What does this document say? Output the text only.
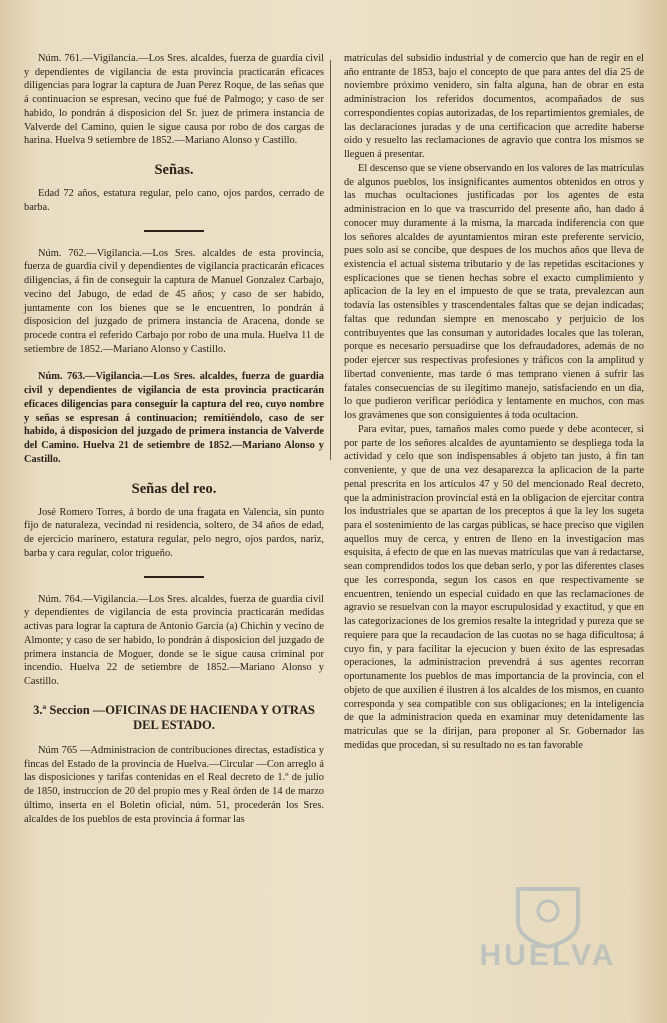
Núm. 761.—Vigilancia.—Los Sres. alcaldes, fuerza de guardia civil y dependientes de vigilancia de esta provincia practicarán eficaces diligencias para lograr la captura de Juan Perez Roque, de las señas que á continuacion se espresan, vecino que fué de Palmogo; y caso de ser habido, lo pondrán á disposicion del Sr. juez de primera instancia de Valverde del Camino, quien le sigue causa por robo de dos cargas de harina. Huelva 9 setiembre de 1852.—Mariano Alonso y Castillo.

Señas.

Edad 72 años, estatura regular, pelo cano, ojos pardos, cerrado de barba.

Núm. 762.—Vigilancia.—Los Sres. alcaldes de esta provincia, fuerza de guardia civil y dependientes de vigilancia practicarán eficaces diligencias, á fin de conseguir la captura de Manuel Gonzalez Carbajo, vecino del Jabugo, de edad de 45 años; y caso de ser habido, juntamente con los bienes que se le encuentren, lo pondrán á disposicion del juzgado de primera instancia de Aracena, donde se procede contra el referido Carbajo por robo de una mula. Huelva 11 de setiembre de 1852.—Mariano Alonso y Castillo.

Núm. 763.—Vigilancia.—Los Sres. alcaldes, fuerza de guardia civil y dependientes de vigilancia de esta provincia practicarán eficaces diligencias para conseguir la captura del reo, cuyo nombre y señas se espresan á continuacion; remitiéndolo, caso de ser habido, á disposicion del juzgado de primera instancia de Valverde del Camino. Huelva 21 de setiembre de 1852.—Mariano Alonso y Castillo.

Señas del reo.

José Romero Torres, á bordo de una fragata en Valencia, sin punto fijo de naturaleza, vecindad ni residencia, soltero, de 34 años de edad, de ejercicio marinero, estatura regular, pelo negro, ojos pardos, nariz, barba y cara regular, color trigueño.

Núm. 764.—Vigilancia.—Los Sres. alcaldes, fuerza de guardia civil y dependientes de vigilancia de esta provincia practicarán medidas activas para lograr la captura de Antonio García (a) Chichin y vecino de Almonte; y caso de ser habido, lo pondrán á disposicion del juzgado de primera instancia de Moguer, donde se le sigue causa criminal por incendio. Huelva 22 de setiembre de 1852.—Mariano Alonso y Castillo.

3.ª Seccion —OFICINAS DE HACIENDA Y OTRAS DEL ESTADO.

Núm 765 —Administracion de contribuciones directas, estadística y fincas del Estado de la provincia de Huelva.—Circular —Con arreglo á las disposiciones y tarifas contenidas en el Real decreto de 1.º de julio de 1850, instruccion de 20 del propio mes y Real órden de 14 de marzo último, inserta en el Boletin oficial, núm. 51, procederán los Sres. alcaldes de los pueblos de esta provincia á formar las

matrículas del subsidio industrial y de comercio que han de regir en el año entrante de 1853, bajo el concepto de que para antes del dia 25 de noviembre próximo venidero, sin falta alguna, han de obrar en esta administracion los referidos documentos, acompañados de sus correspondientes copias autorizadas, de los repartimientos gremiales, de las declaraciones juradas y de una certificacion que acredite haberse oido y resuelto las reclamaciones de agravio que contra los mismos se lleguen á presentar.

El descenso que se viene observando en los valores de las matrículas de algunos pueblos, los insignificantes aumentos obtenidos en otros y las muchas ocultaciones justificadas por los agentes de esta administracion en lo que va trascurrido del presente año, han dado á conocer muy duramente á la misma, la marcada indiferencia con que los señores alcaldes de ayuntamientos miran este preferente servicio, pues solo así se concibe, que despues de los muchos años que lleva de existencia el actual sistema tributario y de las repetidas escitaciones y esplicaciones que se tienen hechas sobre el exacto cumplimiento y aplicacion de la ley en el impuesto de que se trata, prevalezcan aun todavía las ostensibles y trascendentales faltas que se dejan indicadas; faltas que redundan siempre en menoscabo y perjuicio de los contribuyentes que las consuman y autoridades locales que las toleran, porque es necesario persuadirse que los defraudadores, además de no poder ejercer sus respectivas profesiones y tráficos con la amplitud y libertad conveniente, mas tarde ó mas temprano vienen á sufrir las fatales consecuencias de su ilegítimo manejo, satisfaciendo en un dia, lo que pudieron verificar periódica y lentamente en muchos, con mas los gravámenes que son consiguientes á toda ocultacion.

Para evitar, pues, tamaños males como puede y debe acontecer, si por parte de los señores alcaldes de ayuntamiento se despliega toda la actividad y celo que son indispensables á objeto tan justo, á fin tan conveniente, y que de una vez desaparezca la aplicacion de la parte penal prescrita en los artículos 47 y 50 del mencionado Real decreto, que la administracion provincial está en la obligacion de ejercitar contra los industriales que se apartan de los preceptos á que la ley los sugeta para el sostenimiento de las cargas públicas, se hace preciso que vigilen aquellos muy de cerca, y entren de lleno en la investigacion mas esquisita, á efecto de que en las nuevas matrículas que van á redactarse, sean comprendidos todos los que deban serlo, y por las diferentes clases que les corresponda, segun los casos en que respectivamente se encuentren, teniendo un especial cuidado en que las reclamaciones de agravio se resuelvan con la mayor escrupulosidad y exactitud, y que en las categorizaciones de los gremios resalte la integridad y pureza que se requiere para que la recaudacion de las cuotas no se haga dificultosa; á cuyo fin, y para facilitar la ejecucion y buen éxito de las espresadas operaciones, la administracion prevendrá á sus agentes recorran oportunamente los pueblos de mas importancia de la provincia, con el objeto de que auxilien é ilustren á los alcaldes de los mismos, en cuanto corresponda y sea compatible con sus obligaciones; en la inteligencia de que la administracion queda en examinar muy detenidamente las matrículas que se la dirijan, para proponer al Sr. Gobernador las medidas que procedan, si su resultado no es tan favorable

HUELVA
